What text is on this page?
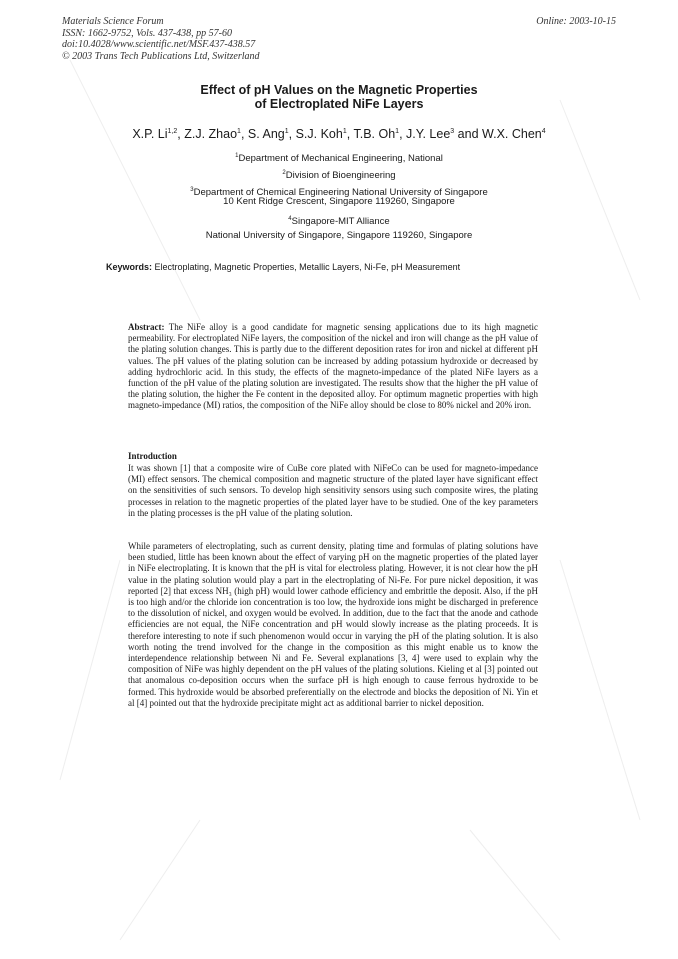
Materials Science Forum
ISSN: 1662-9752, Vols. 437-438, pp 57-60
doi:10.4028/www.scientific.net/MSF.437-438.57
© 2003 Trans Tech Publications Ltd, Switzerland
Online: 2003-10-15
Effect of pH Values on the Magnetic Properties
of Electroplated NiFe Layers
X.P. Li$^{1,2}$, Z.J. Zhao$^1$, S. Ang$^1$, S.J. Koh$^1$, T.B. Oh$^1$, J.Y. Lee$^3$ and W.X. Chen$^4$
$^1$Department of Mechanical Engineering, National
$^2$Division of Bioengineering
$^3$Department of Chemical Engineering National University of Singapore
10 Kent Ridge Crescent, Singapore 119260, Singapore
$^4$Singapore-MIT Alliance
National University of Singapore, Singapore 119260, Singapore
Keywords: Electroplating, Magnetic Properties, Metallic Layers, Ni-Fe, pH Measurement
Abstract: The NiFe alloy is a good candidate for magnetic sensing applications due to its high magnetic permeability. For electroplated NiFe layers, the composition of the nickel and iron will change as the pH value of the plating solution changes. This is partly due to the different deposition rates for iron and nickel at different pH values. The pH values of the plating solution can be increased by adding potassium hydroxide or decreased by adding hydrochloric acid. In this study, the effects of the magneto-impedance of the plated NiFe layers as a function of the pH value of the plating solution are investigated. The results show that the higher the pH value of the plating solution, the higher the Fe content in the deposited alloy. For optimum magnetic properties with high magneto-impedance (MI) ratios, the composition of the NiFe alloy should be close to 80% nickel and 20% iron.
Introduction
It was shown [1] that a composite wire of CuBe core plated with NiFeCo can be used for magneto-impedance (MI) effect sensors. The chemical composition and magnetic structure of the plated layer have significant effect on the sensitivities of such sensors. To develop high sensitivity sensors using such composite wires, the plating processes in relation to the magnetic properties of the plated layer have to be studied. One of the key parameters in the plating processes is the pH value of the plating solution.
While parameters of electroplating, such as current density, plating time and formulas of plating solutions have been studied, little has been known about the effect of varying pH on the magnetic properties of the plated layer in NiFe electroplating. It is known that the pH is vital for electroless plating. However, it is not clear how the pH value in the plating solution would play a part in the electroplating of Ni-Fe. For pure nickel deposition, it was reported [2] that excess NH₃ (high pH) would lower cathode efficiency and embrittle the deposit. Also, if the pH is too high and/or the chloride ion concentration is too low, the hydroxide ions might be discharged in preference to the dissolution of nickel, and oxygen would be evolved. In addition, due to the fact that the anode and cathode efficiencies are not equal, the NiFe concentration and pH would slowly increase as the plating proceeds. It is therefore interesting to note if such phenomenon would occur in varying the pH of the plating solution. It is also worth noting the trend involved for the change in the composition as this might enable us to know the interdependence relationship between Ni and Fe. Several explanations [3, 4] were used to explain why the composition of NiFe was highly dependent on the pH values of the plating solutions. Kieling et al [3] pointed out that anomalous co-deposition occurs when the surface pH is high enough to cause ferrous hydroxide to be formed. This hydroxide would be absorbed preferentially on the electrode and blocks the deposition of Ni. Yin et al [4] pointed out that the hydroxide precipitate might act as additional barrier to nickel deposition.
